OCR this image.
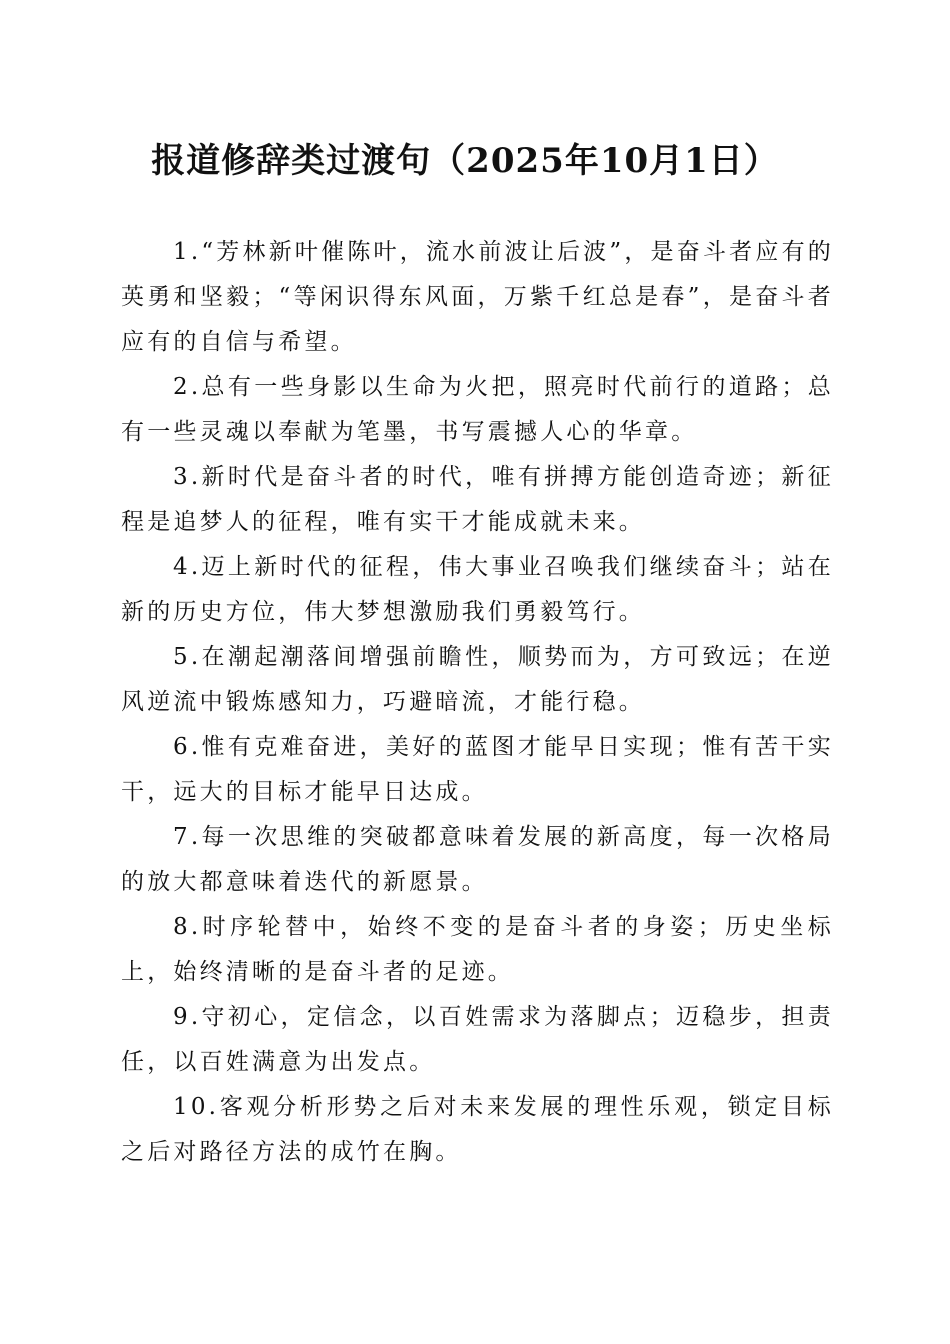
报道修辞类过渡句（2025年10月1日）

1.“芳林新叶催陈叶，流水前波让后波”，是奋斗者应有的英勇和坚毅；“等闲识得东风面，万紫千红总是春”，是奋斗者应有的自信与希望。

2.总有一些身影以生命为火把，照亮时代前行的道路；总有一些灵魂以奉献为笔墨，书写震撼人心的华章。

3.新时代是奋斗者的时代，唯有拼搏方能创造奇迹；新征程是追梦人的征程，唯有实干才能成就未来。

4.迈上新时代的征程，伟大事业召唤我们继续奋斗；站在新的历史方位，伟大梦想激励我们勇毅笃行。

5.在潮起潮落间增强前瞻性，顺势而为，方可致远；在逆风逆流中锻炼感知力，巧避暗流，才能行稳。

6.惟有克难奋进，美好的蓝图才能早日实现；惟有苦干实干，远大的目标才能早日达成。

7.每一次思维的突破都意味着发展的新高度，每一次格局的放大都意味着迭代的新愿景。

8.时序轮替中，始终不变的是奋斗者的身姿；历史坐标上，始终清晰的是奋斗者的足迹。

9.守初心，定信念，以百姓需求为落脚点；迈稳步，担责任，以百姓满意为出发点。

10.客观分析形势之后对未来发展的理性乐观，锁定目标之后对路径方法的成竹在胸。
